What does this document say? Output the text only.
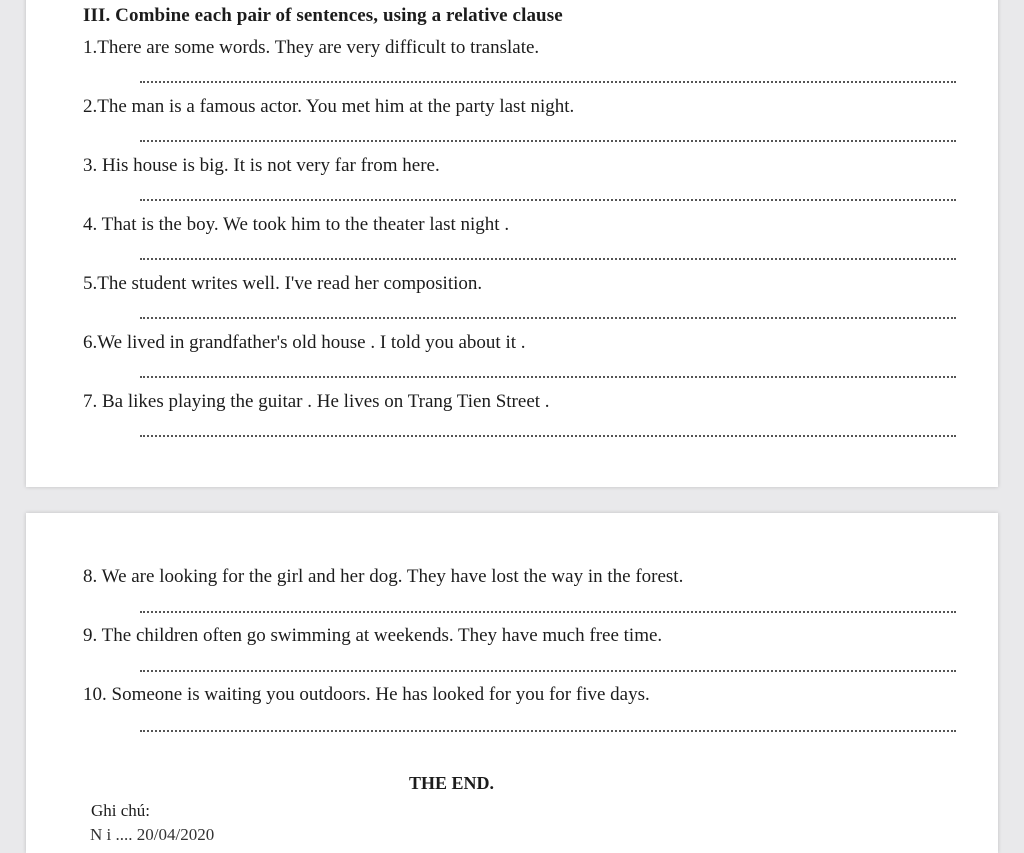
III. Combine each pair of sentences, using a relative clause
1.There are some words. They are very difficult to translate.
2.The man is a famous actor. You met him at the party last night.
3. His house is big. It is not very far from here.
4. That is the boy. We took him to the theater last night .
5.The student writes well. I've read her composition.
6.We lived in grandfather's old house . I told you about it .
7. Ba likes playing the guitar . He lives on Trang Tien Street .
8. We are looking for the girl and her dog. They have lost the way in the forest.
9. The children often go swimming at weekends. They have much free time.
10. Someone is waiting you outdoors. He has looked for you for five days.
THE END.
Ghi chú:
N i .... 20/04/2020
